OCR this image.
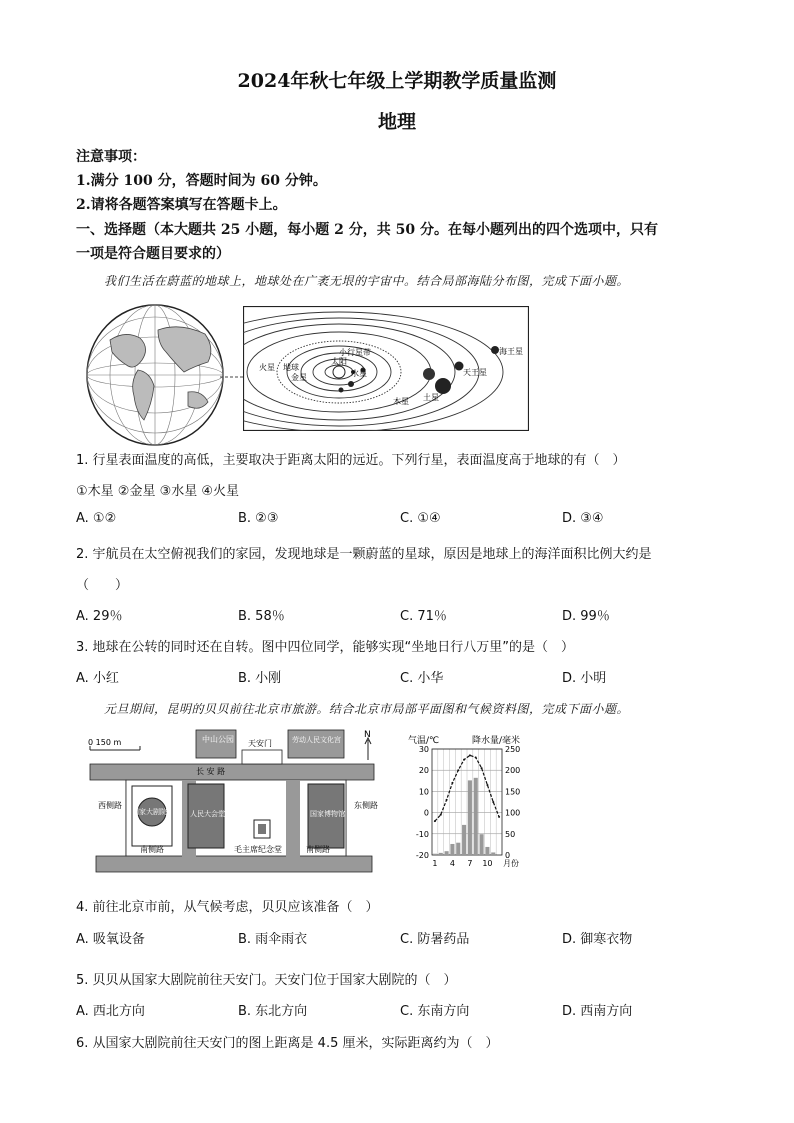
2024年秋七年级上学期教学质量监测
地理
注意事项：
1.满分 100 分，答题时间为 60 分钟。
2.请将各题答案填写在答题卡上。
一、选择题（本大题共 25 小题，每小题 2 分，共 50 分。在每小题列出的四个选项中，只有
一项是符合题目要求的）
我们生活在蔚蓝的地球上，地球处在广袤无垠的宇宙中。结合局部海陆分布图，完成下面小题。
火星 地球
金星	水星
太阳
小行星带
天王星
海王星
土星
木星
1. 行星表面温度的高低，主要取决于距离太阳的远近。下列行星，表面温度高于地球的有（　）
①木星 ②金星 ③水星 ④火星
A. ①②	B. ②③	C. ①④	D. ③④
2. 宇航员在太空俯视我们的家园，发现地球是一颗蔚蓝的星球，原因是地球上的海洋面积比例大约是
（　　）
A. 29％	B. 58％	C. 71％	D. 99％
3. 地球在公转的同时还在自转。图中四位同学，能够实现“坐地日行八万里”的是（　）
A. 小红	B. 小刚	C. 小华	D. 小明
元旦期间，昆明的贝贝前往北京市旅游。结合北京市局部平面图和气候资料图，完成下面小题。
0 150 m
N
中山公园 天安门	劳动人民文化宫
长 安 路
西侧路	东侧路
南侧路	南侧路
国家大剧院	人民大会堂	国家博物馆
毛主席纪念堂
气温/℃	降水量/毫米
30
20
10
0
-10
-20
250
200
150
100
50
0
1 4 7 10 月份
4. 前往北京市前，从气候考虑，贝贝应该准备（　）
A. 吸氧设备	B. 雨伞雨衣	C. 防暑药品	D. 御寒衣物
5. 贝贝从国家大剧院前往天安门。天安门位于国家大剧院的（　）
A. 西北方向	B. 东北方向	C. 东南方向	D. 西南方向
6. 从国家大剧院前往天安门的图上距离是 4.5 厘米，实际距离约为（　）
